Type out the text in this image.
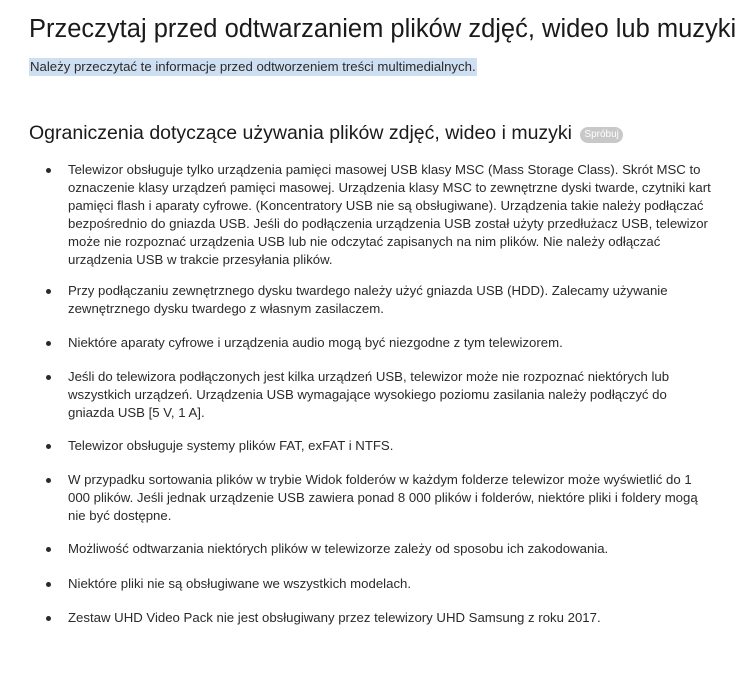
Przeczytaj przed odtwarzaniem plików zdjęć, wideo lub muzyki

Należy przeczytać te informacje przed odtworzeniem treści multimedialnych.

Ograniczenia dotyczące używania plików zdjęć, wideo i muzyki Spróbuj
Telewizor obsługuje tylko urządzenia pamięci masowej USB klasy MSC (Mass Storage Class). Skrót MSC to oznaczenie klasy urządzeń pamięci masowej. Urządzenia klasy MSC to zewnętrzne dyski twarde, czytniki kart pamięci flash i aparaty cyfrowe. (Koncentratory USB nie są obsługiwane). Urządzenia takie należy podłączać bezpośrednio do gniazda USB. Jeśli do podłączenia urządzenia USB został użyty przedłużacz USB, telewizor może nie rozpoznać urządzenia USB lub nie odczytać zapisanych na nim plików. Nie należy odłączać urządzenia USB w trakcie przesyłania plików.
Przy podłączaniu zewnętrznego dysku twardego należy użyć gniazda USB (HDD). Zalecamy używanie zewnętrznego dysku twardego z własnym zasilaczem.
Niektóre aparaty cyfrowe i urządzenia audio mogą być niezgodne z tym telewizorem.
Jeśli do telewizora podłączonych jest kilka urządzeń USB, telewizor może nie rozpoznać niektórych lub wszystkich urządzeń. Urządzenia USB wymagające wysokiego poziomu zasilania należy podłączyć do gniazda USB [5 V, 1 A].
Telewizor obsługuje systemy plików FAT, exFAT i NTFS.
W przypadku sortowania plików w trybie Widok folderów w każdym folderze telewizor może wyświetlić do 1 000 plików. Jeśli jednak urządzenie USB zawiera ponad 8 000 plików i folderów, niektóre pliki i foldery mogą nie być dostępne.
Możliwość odtwarzania niektórych plików w telewizorze zależy od sposobu ich zakodowania.
Niektóre pliki nie są obsługiwane we wszystkich modelach.
Zestaw UHD Video Pack nie jest obsługiwany przez telewizory UHD Samsung z roku 2017.
